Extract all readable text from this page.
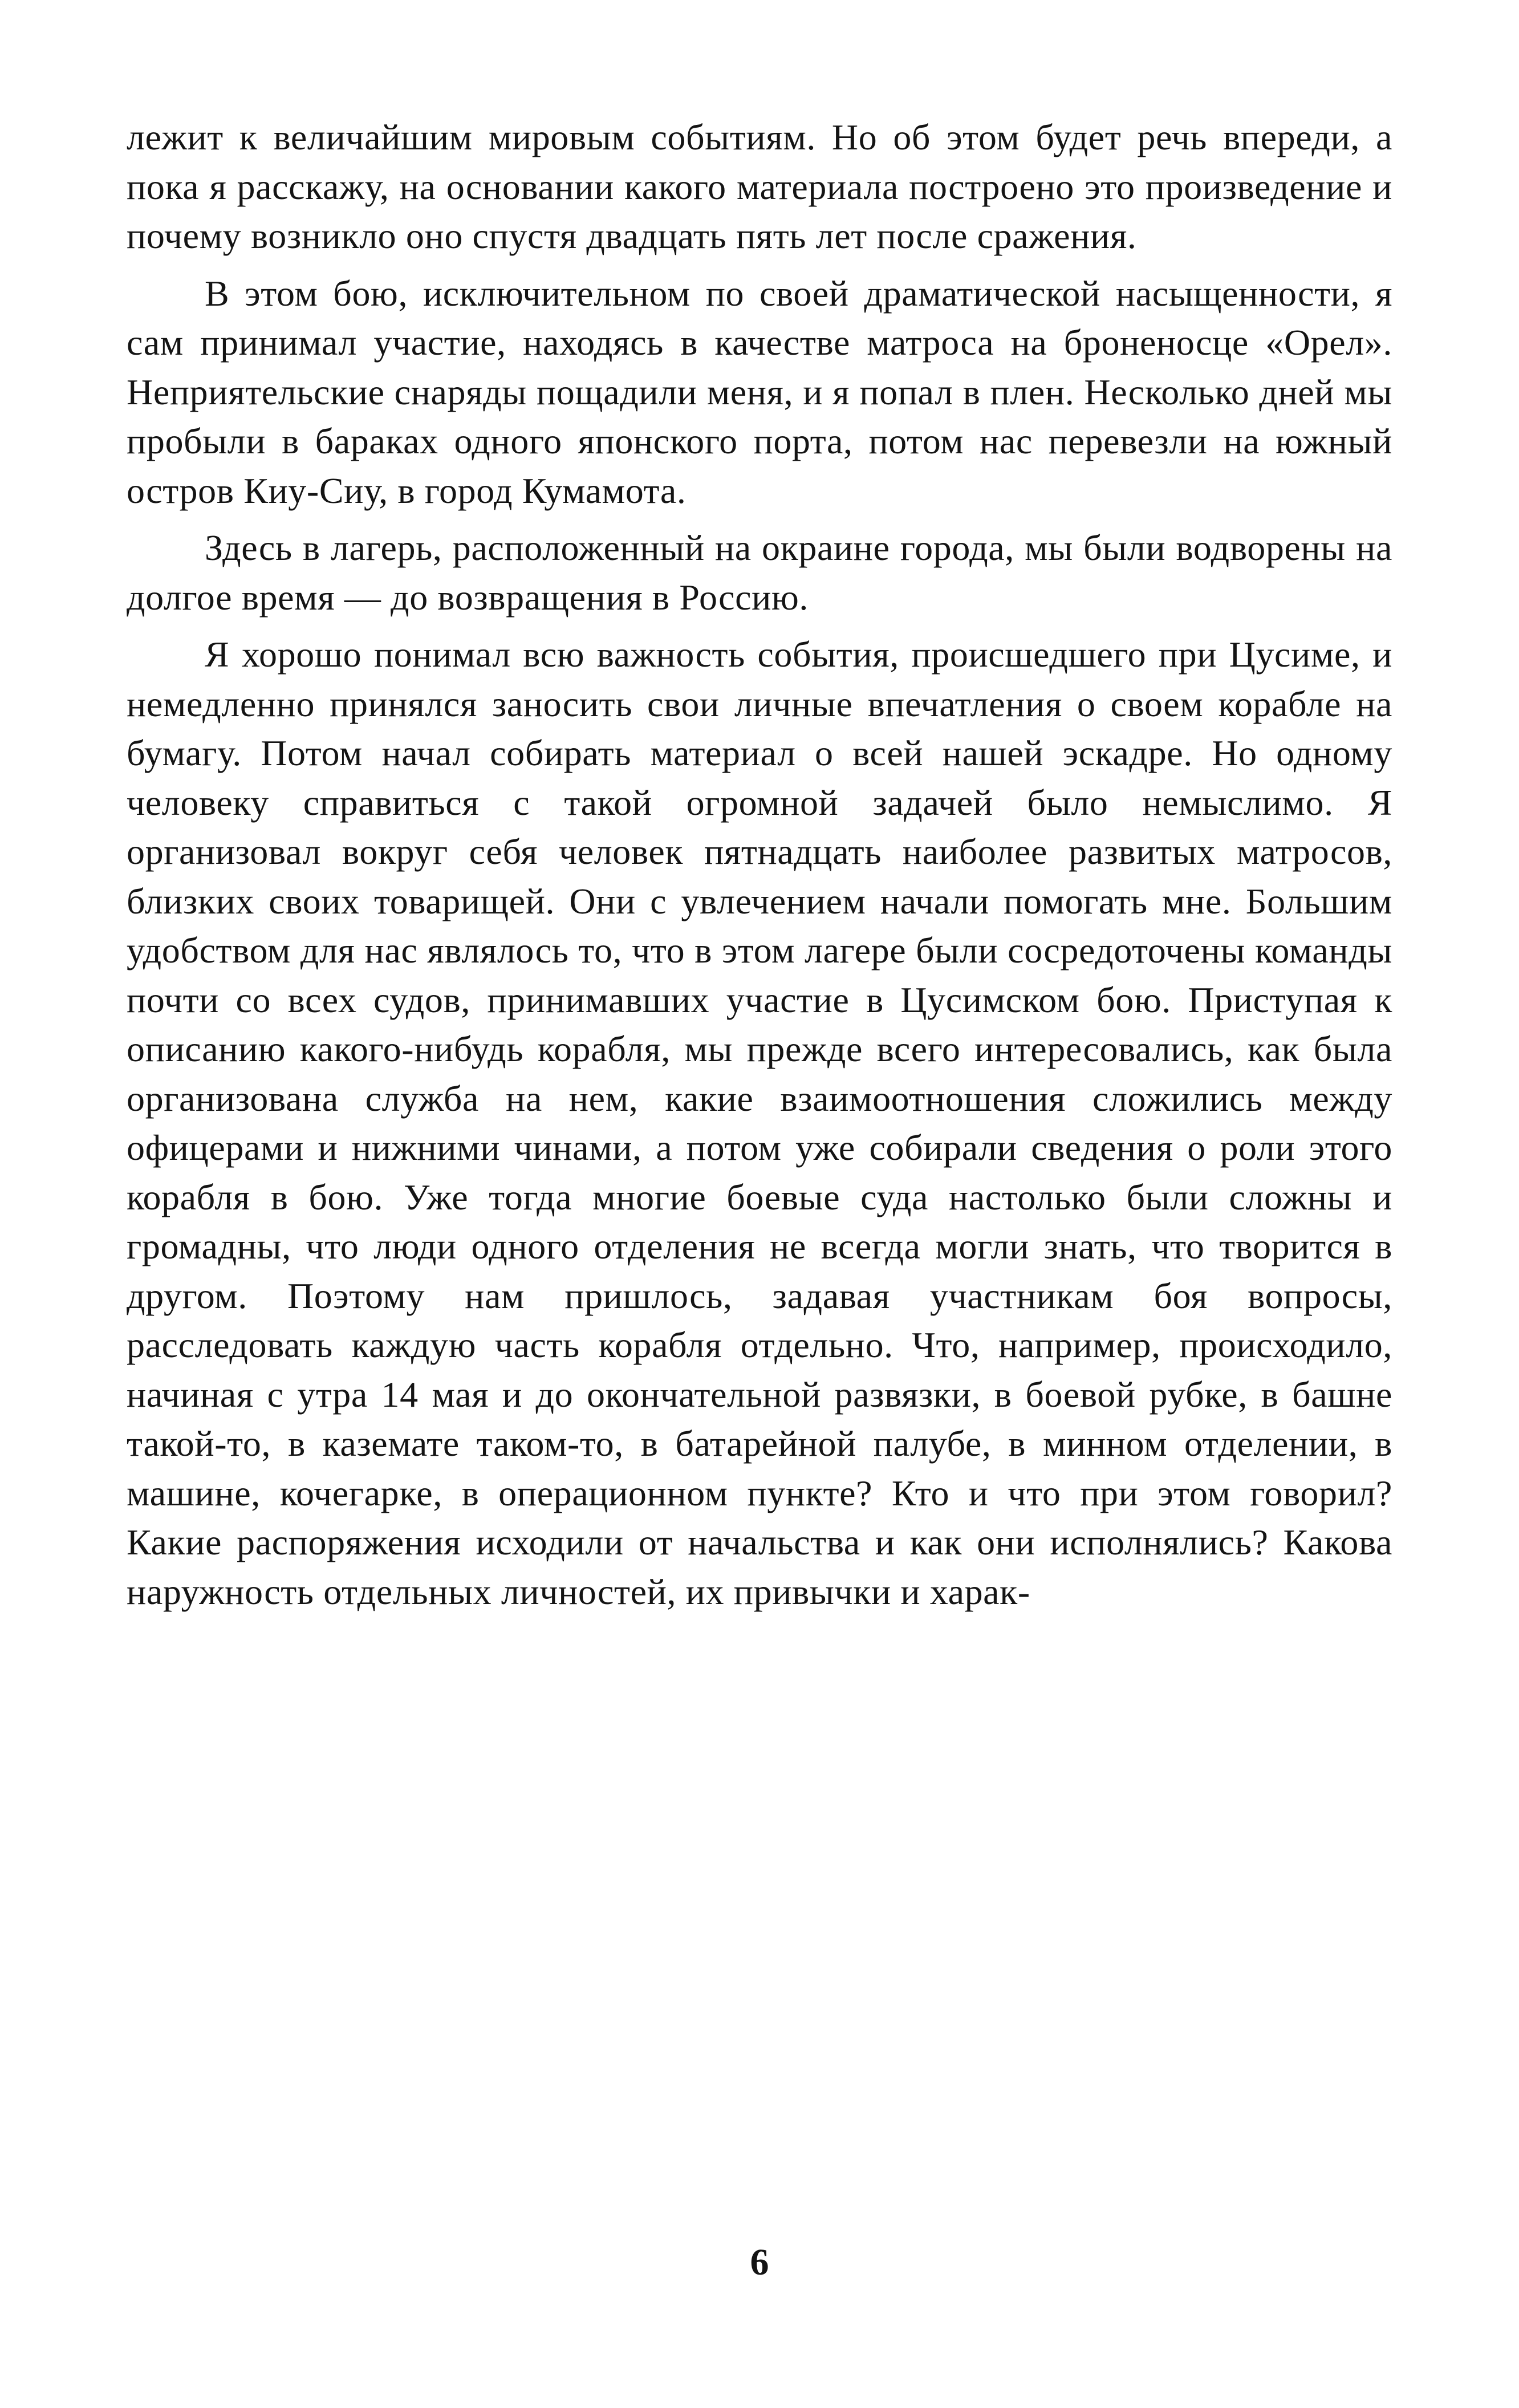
лежит к величайшим мировым событиям. Но об этом будет речь впереди, а пока я расскажу, на основании какого материала построено это произведение и почему возникло оно спустя двадцать пять лет после сражения.

В этом бою, исключительном по своей драматической насыщенности, я сам принимал участие, находясь в качестве матроса на броненосце «Орел». Неприятельские снаряды пощадили меня, и я попал в плен. Несколько дней мы пробыли в бараках одного японского порта, потом нас перевезли на южный остров Киу-Сиу, в город Кумамота.

Здесь в лагерь, расположенный на окраине города, мы были водворены на долгое время — до возвращения в Россию.

Я хорошо понимал всю важность события, происшедшего при Цусиме, и немедленно принялся заносить свои личные впечатления о своем корабле на бумагу. Потом начал собирать материал о всей нашей эскадре. Но одному человеку справиться с такой огромной задачей было немыслимо. Я организовал вокруг себя человек пятнадцать наиболее развитых матросов, близких своих товарищей. Они с увлечением начали помогать мне. Большим удобством для нас являлось то, что в этом лагере были сосредоточены команды почти со всех судов, принимавших участие в Цусимском бою. Приступая к описанию какого-нибудь корабля, мы прежде всего интересовались, как была организована служба на нем, какие взаимоотношения сложились между офицерами и нижними чинами, а потом уже собирали сведения о роли этого корабля в бою. Уже тогда многие боевые суда настолько были сложны и громадны, что люди одного отделения не всегда могли знать, что творится в другом. Поэтому нам пришлось, задавая участникам боя вопросы, расследовать каждую часть корабля отдельно. Что, например, происходило, начиная с утра 14 мая и до окончательной развязки, в боевой рубке, в башне такой-то, в каземате таком-то, в батарейной палубе, в минном отделении, в машине, кочегарке, в операционном пункте? Кто и что при этом говорил? Какие распоряжения исходили от начальства и как они исполнялись? Какова наружность отдельных личностей, их привычки и харак-

6
